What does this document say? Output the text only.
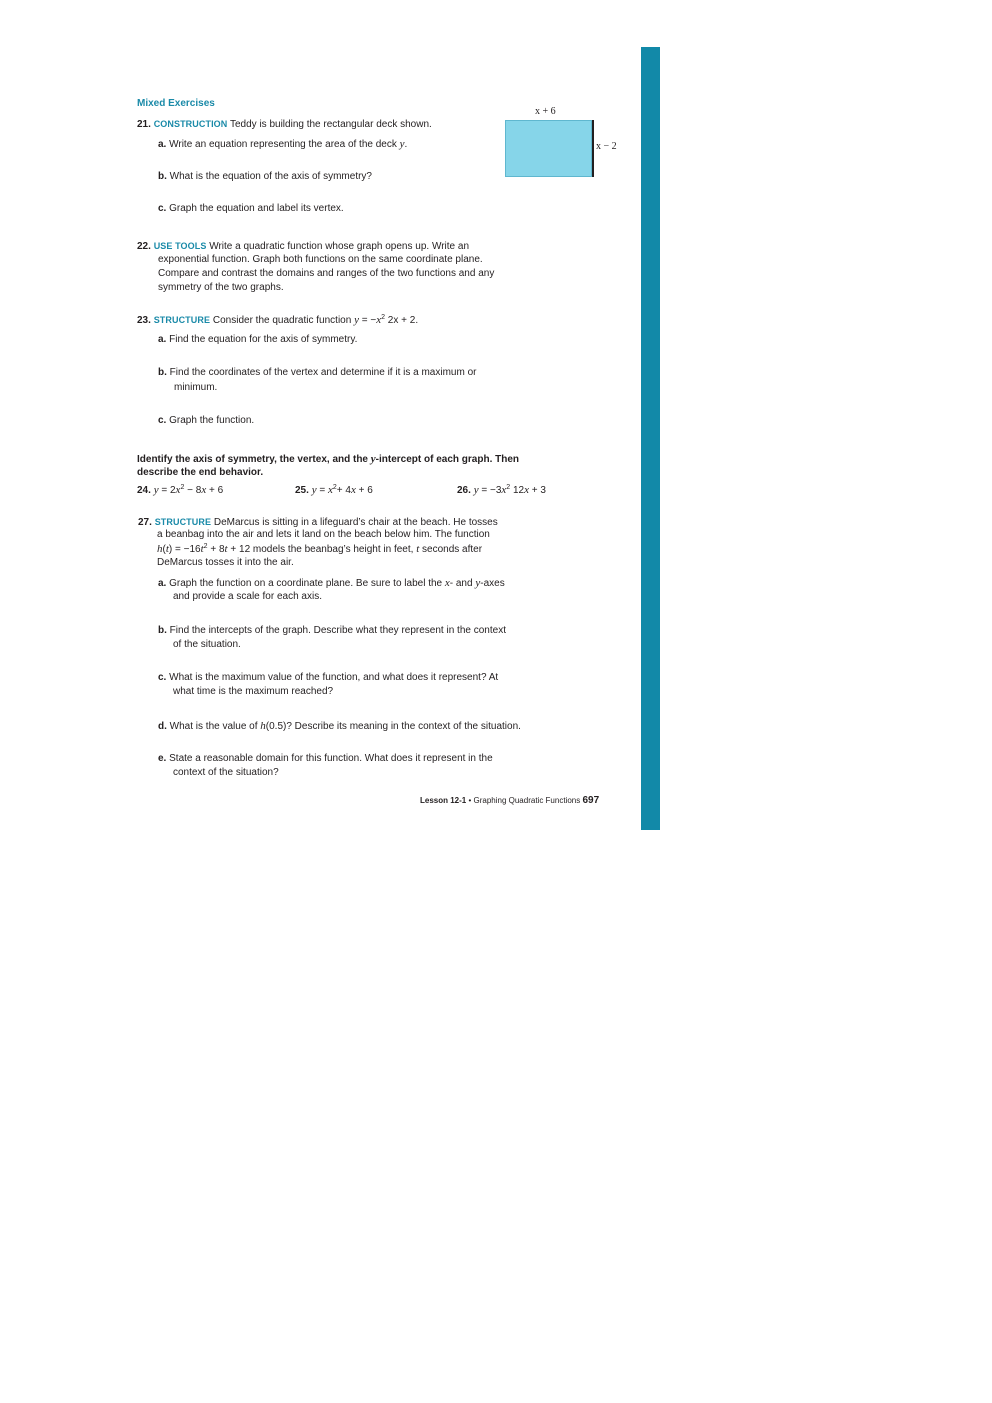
Mixed Exercises
x + 6
x − 2
21. CONSTRUCTION Teddy is building the rectangular deck shown.
a. Write an equation representing the area of the deck y.
b. What is the equation of the axis of symmetry?
c. Graph the equation and label its vertex.
22. USE TOOLS Write a quadratic function whose graph opens up. Write an
exponential function. Graph both functions on the same coordinate plane.
Compare and contrast the domains and ranges of the two functions and any
symmetry of the two graphs.
23. STRUCTURE Consider the quadratic function $y = -x^2$ 2x + 2.
a. Find the equation for the axis of symmetry.
b. Find the coordinates of the vertex and determine if it is a maximum or
minimum.
c. Graph the function.
Identify the axis of symmetry, the vertex, and the y-intercept of each graph. Then
describe the end behavior.
24. $y = 2x^2 - 8x + 6$	25. $y = x^2+ 4x + 6$	26. $y = -3x^2$ 12x + 3
27. STRUCTURE DeMarcus is sitting in a lifeguard’s chair at the beach. He tosses
a beanbag into the air and lets it land on the beach below him. The function
$h(t) = -16t^2 + 8t + 12$ models the beanbag’s height in feet, t seconds after
DeMarcus tosses it into the air.
a. Graph the function on a coordinate plane. Be sure to label the x- and y-axes
and provide a scale for each axis.
b. Find the intercepts of the graph. Describe what they represent in the context
of the situation.
c. What is the maximum value of the function, and what does it represent? At
what time is the maximum reached?
d. What is the value of h(0.5)? Describe its meaning in the context of the situation.
e. State a reasonable domain for this function. What does it represent in the
context of the situation?
Lesson 12-1 • Graphing Quadratic Functions 697
